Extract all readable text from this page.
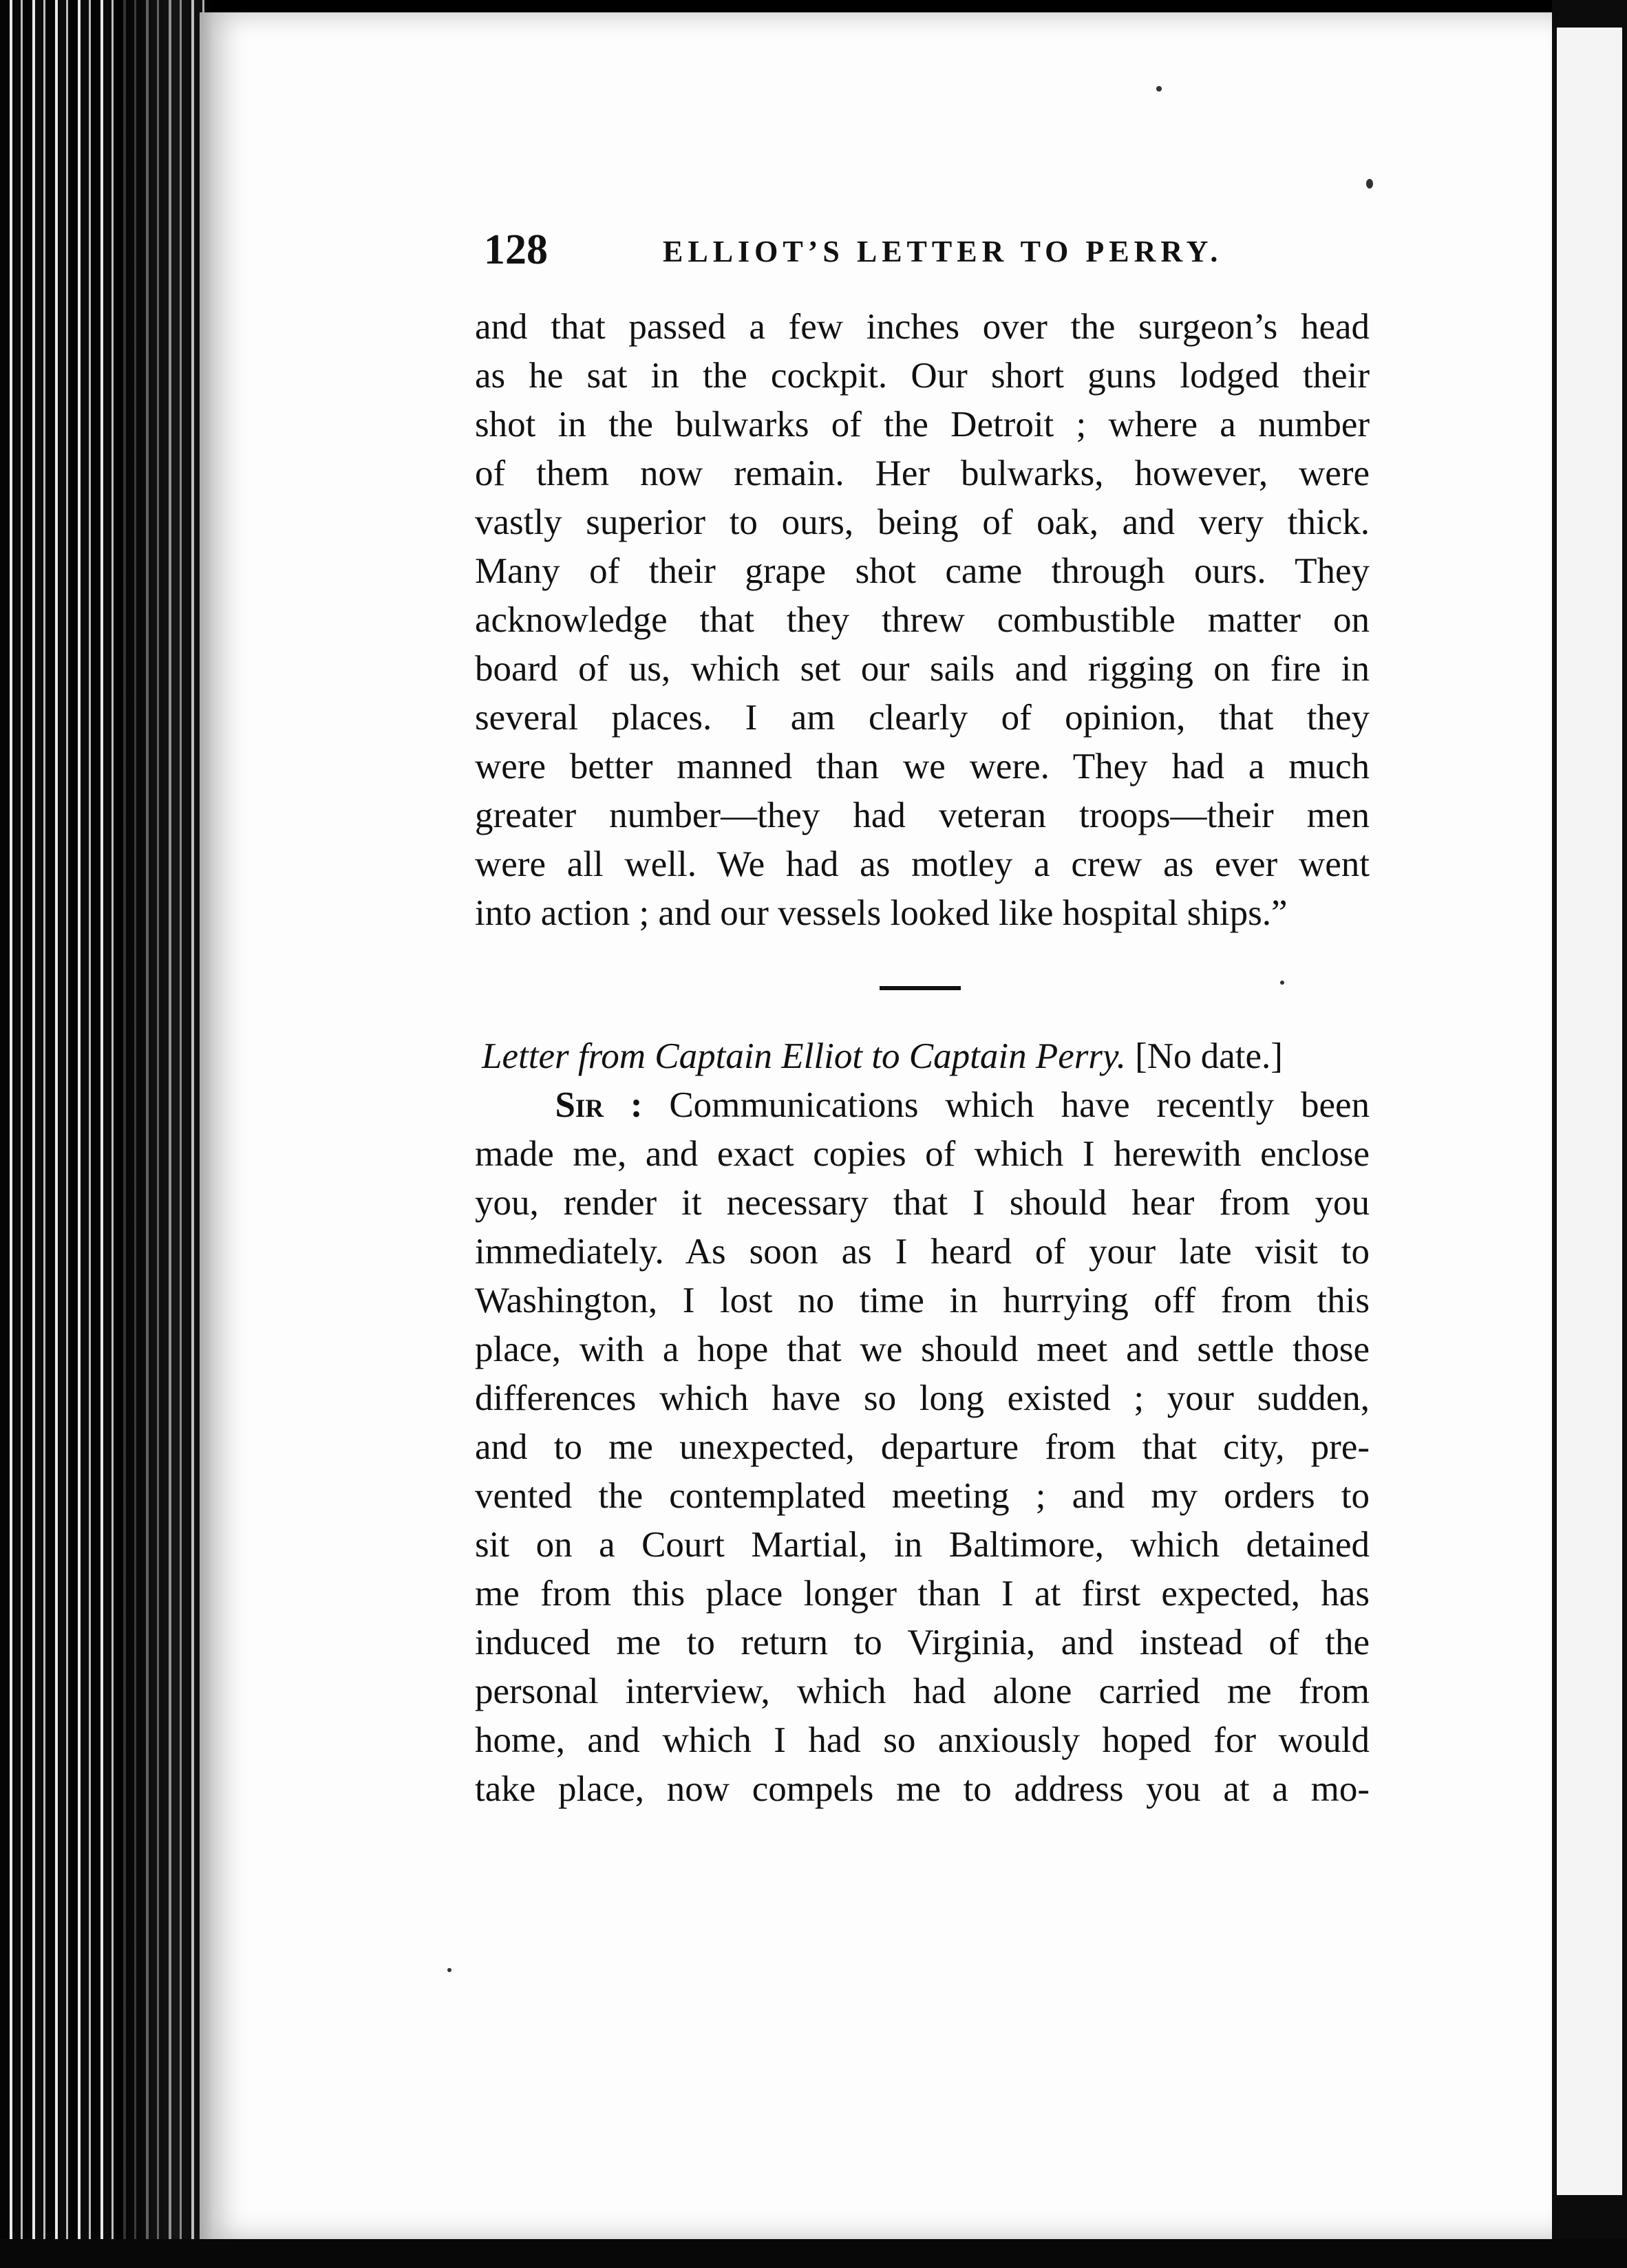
128	ELLIOT’S LETTER TO PERRY.
and that passed a few inches over the surgeon’s head
as he sat in the cockpit. Our short guns lodged their
shot in the bulwarks of the Detroit ; where a number
of them now remain. Her bulwarks, however, were
vastly superior to ours, being of oak, and very thick.
Many of their grape shot came through ours. They
acknowledge that they threw combustible matter on
board of us, which set our sails and rigging on fire in
several places. I am clearly of opinion, that they
were better manned than we were. They had a much
greater number—they had veteran troops—their men
were all well. We had as motley a crew as ever went
into action ; and our vessels looked like hospital ships.”
Letter from Captain Elliot to Captain Perry. [No date.]
Sir : Communications which have recently been
made me, and exact copies of which I herewith enclose
you, render it necessary that I should hear from you
immediately. As soon as I heard of your late visit to
Washington, I lost no time in hurrying off from this
place, with a hope that we should meet and settle those
differences which have so long existed ; your sudden,
and to me unexpected, departure from that city, pre-
vented the contemplated meeting ; and my orders to
sit on a Court Martial, in Baltimore, which detained
me from this place longer than I at first expected, has
induced me to return to Virginia, and instead of the
personal interview, which had alone carried me from
home, and which I had so anxiously hoped for would
take place, now compels me to address you at a mo-
